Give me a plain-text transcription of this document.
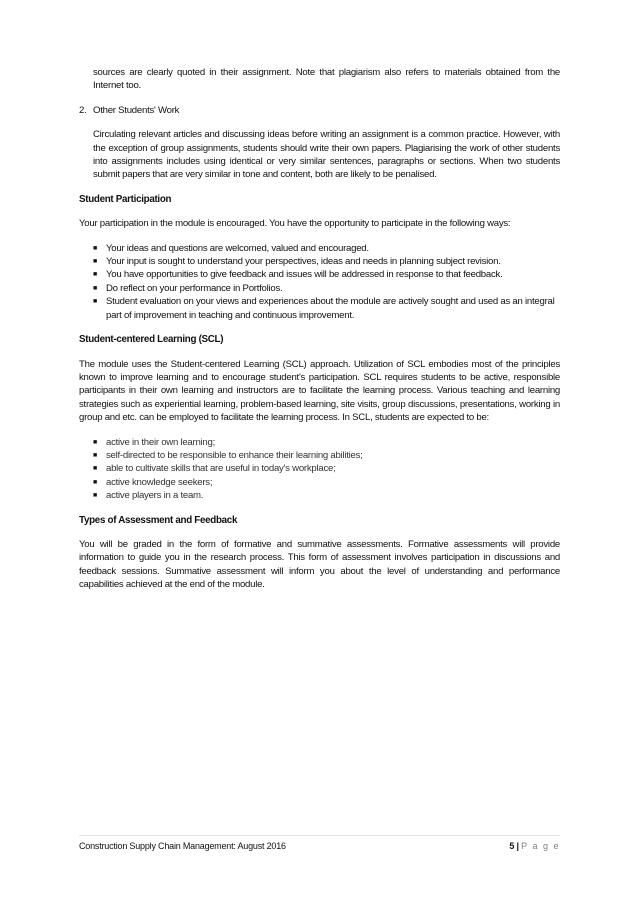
sources are clearly quoted in their assignment. Note that plagiarism also refers to materials obtained from the Internet too.

2. Other Students' Work

Circulating relevant articles and discussing ideas before writing an assignment is a common practice. However, with the exception of group assignments, students should write their own papers. Plagiarising the work of other students into assignments includes using identical or very similar sentences, paragraphs or sections. When two students submit papers that are very similar in tone and content, both are likely to be penalised.

Student Participation

Your participation in the module is encouraged. You have the opportunity to participate in the following ways:

■ Your ideas and questions are welcomed, valued and encouraged.
■ Your input is sought to understand your perspectives, ideas and needs in planning subject revision.
■ You have opportunities to give feedback and issues will be addressed in response to that feedback.
■ Do reflect on your performance in Portfolios.
■ Student evaluation on your views and experiences about the module are actively sought and used as an integral part of improvement in teaching and continuous improvement.
Student-centered Learning (SCL)

The module uses the Student-centered Learning (SCL) approach. Utilization of SCL embodies most of the principles known to improve learning and to encourage student's participation. SCL requires students to be active, responsible participants in their own learning and instructors are to facilitate the learning process. Various teaching and learning strategies such as experiential learning, problem-based learning, site visits, group discussions, presentations, working in group and etc. can be employed to facilitate the learning process. In SCL, students are expected to be:

■ active in their own learning;
■ self-directed to be responsible to enhance their learning abilities;
■ able to cultivate skills that are useful in today's workplace;
■ active knowledge seekers;
■ active players in a team.
Types of Assessment and Feedback

You will be graded in the form of formative and summative assessments. Formative assessments will provide information to guide you in the research process. This form of assessment involves participation in discussions and feedback sessions. Summative assessment will inform you about the level of understanding and performance capabilities achieved at the end of the module.

Construction Supply Chain Management: August 2016	5 | P a g e
